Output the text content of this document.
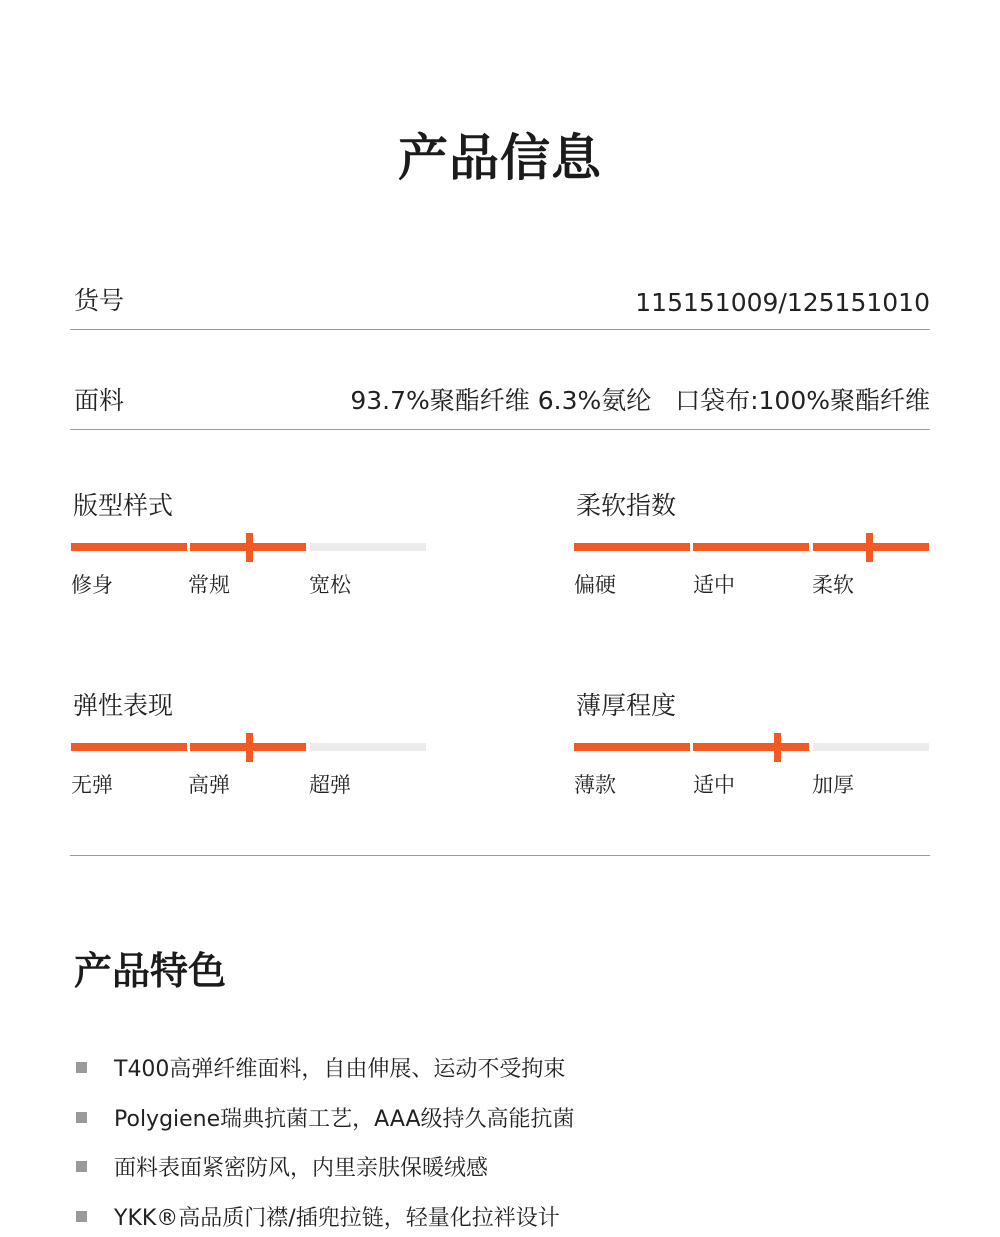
产品信息
货号	115151009/125151010
面料	93.7%聚酯纤维 6.3%氨纶   口袋布:100%聚酯纤维
版型样式
修身	常规	宽松
柔软指数
偏硬	适中	柔软
弹性表现
无弹	高弹	超弹
薄厚程度
薄款	适中	加厚
产品特色
T400高弹纤维面料，自由伸展、运动不受拘束
Polygiene瑞典抗菌工艺，AAA级持久高能抗菌
面料表面紧密防风，内里亲肤保暖绒感
YKK®高品质门襟/插兜拉链，轻量化拉袢设计
